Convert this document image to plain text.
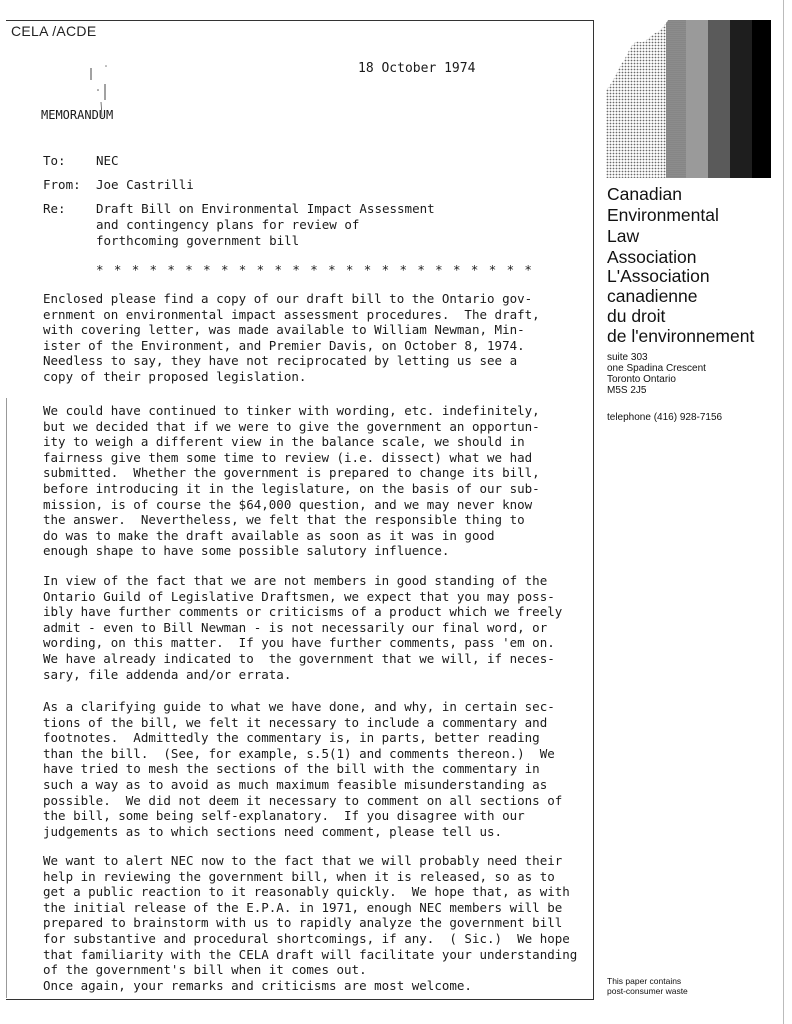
CELA /ACDE
18 October 1974
MEMORANDUM
To: NEC
From: Joe Castrilli
Re: Draft Bill on Environmental Impact Assessment
and contingency plans for review of
forthcoming government bill
* * * * * * * * * * * * * * * * * * * * * * * * *

Enclosed please find a copy of our draft bill to the Ontario gov-
ernment on environmental impact assessment procedures.  The draft,
with covering letter, was made available to William Newman, Min-
ister of the Environment, and Premier Davis, on October 8, 1974.
Needless to say, they have not reciprocated by letting us see a
copy of their proposed legislation.

We could have continued to tinker with wording, etc. indefinitely,
but we decided that if we were to give the government an opportun-
ity to weigh a different view in the balance scale, we should in
fairness give them some time to review (i.e. dissect) what we had
submitted.  Whether the government is prepared to change its bill,
before introducing it in the legislature, on the basis of our sub-
mission, is of course the $64,000 question, and we may never know
the answer.  Nevertheless, we felt that the responsible thing to
do was to make the draft available as soon as it was in good
enough shape to have some possible salutory influence.

In view of the fact that we are not members in good standing of the
Ontario Guild of Legislative Draftsmen, we expect that you may poss-
ibly have further comments or criticisms of a product which we freely
admit - even to Bill Newman - is not necessarily our final word, or
wording, on this matter.  If you have further comments, pass 'em on.
We have already indicated to  the government that we will, if neces-
sary, file addenda and/or errata.

As a clarifying guide to what we have done, and why, in certain sec-
tions of the bill, we felt it necessary to include a commentary and
footnotes.  Admittedly the commentary is, in parts, better reading
than the bill.  (See, for example, s.5(1) and comments thereon.)  We
have tried to mesh the sections of the bill with the commentary in
such a way as to avoid as much maximum feasible misunderstanding as
possible.  We did not deem it necessary to comment on all sections of
the bill, some being self-explanatory.  If you disagree with our
judgements as to which sections need comment, please tell us.

We want to alert NEC now to the fact that we will probably need their
help in reviewing the government bill, when it is released, so as to
get a public reaction to it reasonably quickly.  We hope that, as with
the initial release of the E.P.A. in 1971, enough NEC members will be
prepared to brainstorm with us to rapidly analyze the government bill
for substantive and procedural shortcomings, if any.  ( Sic.)  We hope
that familiarity with the CELA draft will facilitate your understanding
of the government's bill when it comes out.
Once again, your remarks and criticisms are most welcome.

Canadian
Environmental
Law
Association
L'Association
canadienne
du droit
de l'environnement
suite 303
one Spadina Crescent
Toronto Ontario
M5S 2J5
telephone (416) 928-7156
This paper contains
post-consumer waste
